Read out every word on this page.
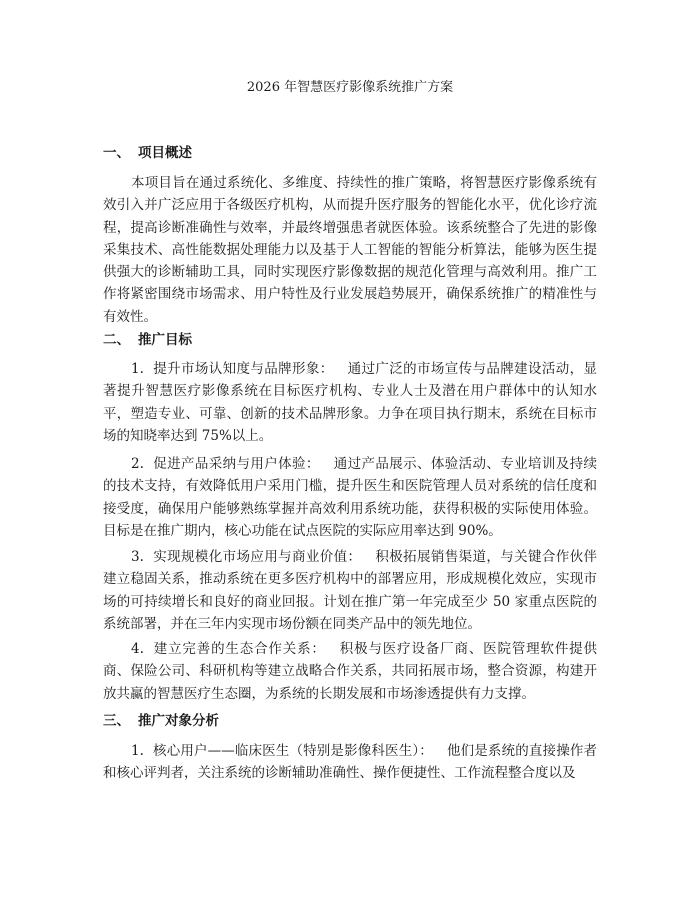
2026 年智慧医疗影像系统推广方案
一、 项目概述

本项目旨在通过系统化、多维度、持续性的推广策略，将智慧医疗影像系统有效引入并广泛应用于各级医疗机构，从而提升医疗服务的智能化水平，优化诊疗流程，提高诊断准确性与效率，并最终增强患者就医体验。该系统整合了先进的影像采集技术、高性能数据处理能力以及基于人工智能的智能分析算法，能够为医生提供强大的诊断辅助工具，同时实现医疗影像数据的规范化管理与高效利用。推广工作将紧密围绕市场需求、用户特性及行业发展趋势展开，确保系统推广的精准性与有效性。

二、 推广目标

1. 提升市场认知度与品牌形象： 通过广泛的市场宣传与品牌建设活动，显著提升智慧医疗影像系统在目标医疗机构、专业人士及潜在用户群体中的认知水平，塑造专业、可靠、创新的技术品牌形象。力争在项目执行期末，系统在目标市场的知晓率达到 75%以上。

2. 促进产品采纳与用户体验： 通过产品展示、体验活动、专业培训及持续的技术支持，有效降低用户采用门槛，提升医生和医院管理人员对系统的信任度和接受度，确保用户能够熟练掌握并高效利用系统功能，获得积极的实际使用体验。目标是在推广期内，核心功能在试点医院的实际应用率达到 90%。

3. 实现规模化市场应用与商业价值： 积极拓展销售渠道，与关键合作伙伴建立稳固关系，推动系统在更多医疗机构中的部署应用，形成规模化效应，实现市场的可持续增长和良好的商业回报。计划在推广第一年完成至少 50 家重点医院的系统部署，并在三年内实现市场份额在同类产品中的领先地位。

4. 建立完善的生态合作关系： 积极与医疗设备厂商、医院管理软件提供商、保险公司、科研机构等建立战略合作关系，共同拓展市场，整合资源，构建开放共赢的智慧医疗生态圈，为系统的长期发展和市场渗透提供有力支撑。

三、 推广对象分析

1. 核心用户——临床医生（特别是影像科医生）： 他们是系统的直接操作者和核心评判者，关注系统的诊断辅助准确性、操作便捷性、工作流程整合度以及
